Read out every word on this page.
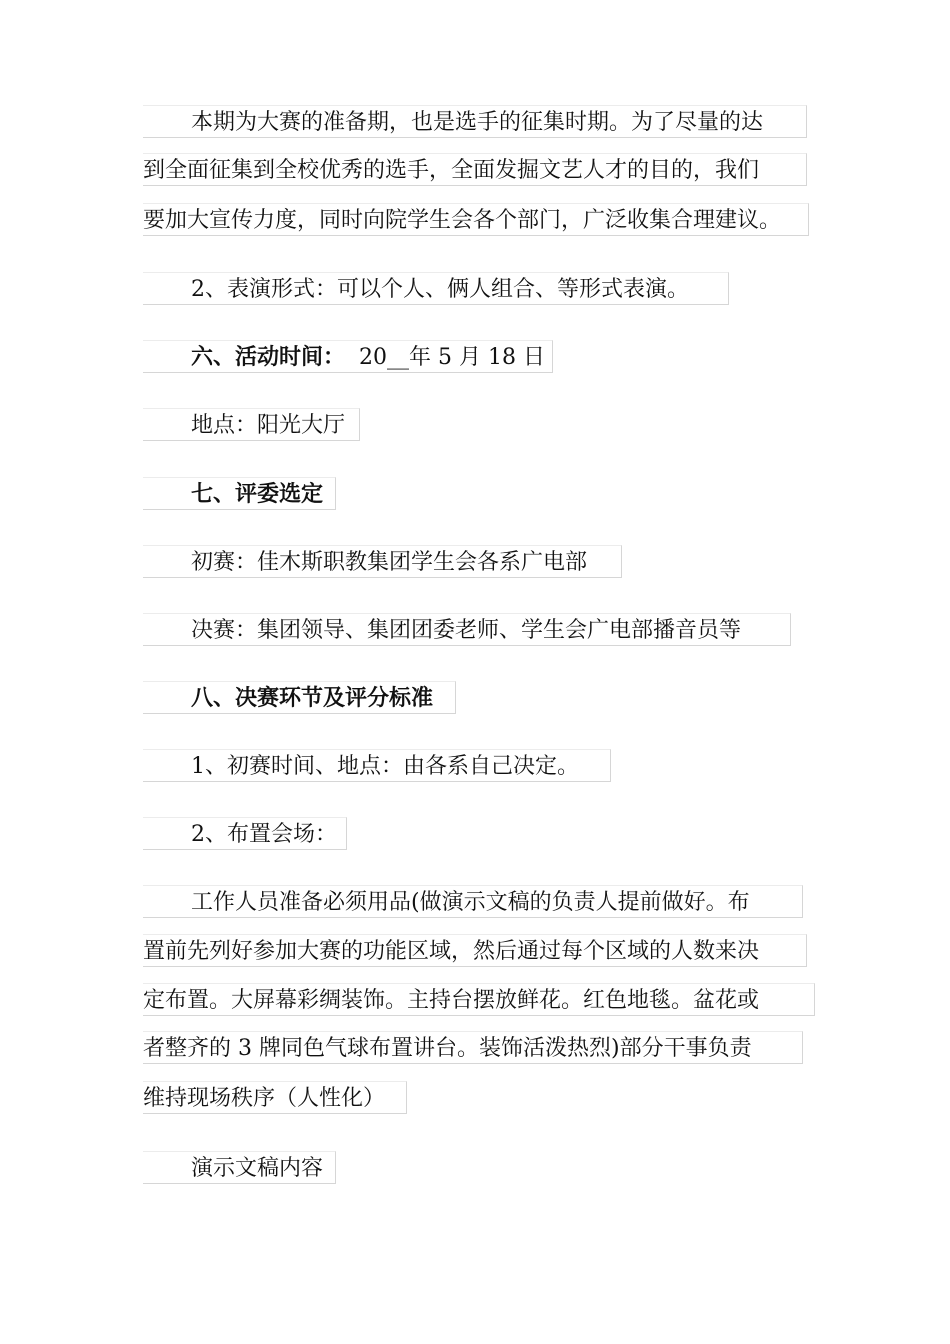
本期为大赛的准备期，也是选手的征集时期。为了尽量的达
到全面征集到全校优秀的选手，全面发掘文艺人才的目的，我们
要加大宣传力度，同时向院学生会各个部门，广泛收集合理建议。
2、表演形式：可以个人、俩人组合、等形式表演。
六、活动时间： 20__年 5 月 18 日
地点：阳光大厅
七、评委选定
初赛：佳木斯职教集团学生会各系广电部
决赛：集团领导、集团团委老师、学生会广电部播音员等
八、决赛环节及评分标准
1、初赛时间、地点：由各系自己决定。
2、布置会场：
工作人员准备必须用品(做演示文稿的负责人提前做好。布
置前先列好参加大赛的功能区域，然后通过每个区域的人数来决
定布置。大屏幕彩绸装饰。主持台摆放鲜花。红色地毯。盆花或
者整齐的 3 牌同色气球布置讲台。装饰活泼热烈)部分干事负责
维持现场秩序（人性化）
演示文稿内容
